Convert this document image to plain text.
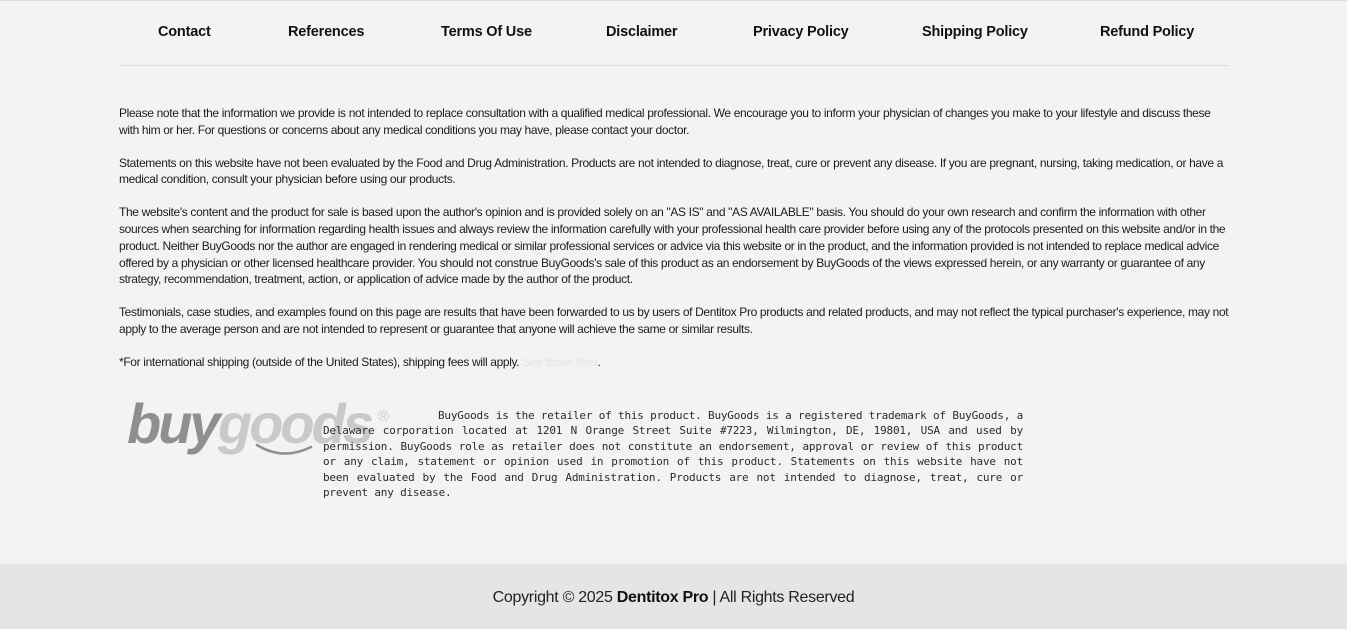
Contact	References	Terms Of Use	Disclaimer	Privacy Policy	Shipping Policy	Refund Policy

Please note that the information we provide is not intended to replace consultation with a qualified medical professional. We encourage you to inform your physician of changes you make to your lifestyle and discuss these with him or her. For questions or concerns about any medical conditions you may have, please contact your doctor.

Statements on this website have not been evaluated by the Food and Drug Administration. Products are not intended to diagnose, treat, cure or prevent any disease. If you are pregnant, nursing, taking medication, or have a medical condition, consult your physician before using our products.

The website's content and the product for sale is based upon the author's opinion and is provided solely on an "AS IS" and "AS AVAILABLE" basis. You should do your own research and confirm the information with other sources when searching for information regarding health issues and always review the information carefully with your professional health care provider before using any of the protocols presented on this website and/or in the product. Neither BuyGoods nor the author are engaged in rendering medical or similar professional services or advice via this website or in the product, and the information provided is not intended to replace medical advice offered by a physician or other licensed healthcare provider. You should not construe BuyGoods's sale of this product as an endorsement by BuyGoods of the views expressed herein, or any warranty or guarantee of any strategy, recommendation, treatment, action, or application of advice made by the author of the product.

Testimonials, case studies, and examples found on this page are results that have been forwarded to us by users of Dentitox Pro products and related products, and may not reflect the typical purchaser's experience, may not apply to the average person and are not intended to represent or guarantee that anyone will achieve the same or similar results.

*For international shipping (outside of the United States), shipping fees will apply. See those fees.

buy goods ®	BuyGoods is the retailer of this product. BuyGoods is a registered trademark of BuyGoods, a Delaware corporation located at 1201 N Orange Street Suite #7223, Wilmington, DE, 19801, USA and used by permission. BuyGoods role as retailer does not constitute an endorsement, approval or review of this product or any claim, statement or opinion used in promotion of this product. Statements on this website have not been evaluated by the Food and Drug Administration. Products are not intended to diagnose, treat, cure or prevent any disease.

Copyright © 2025 Dentitox Pro | All Rights Reserved
